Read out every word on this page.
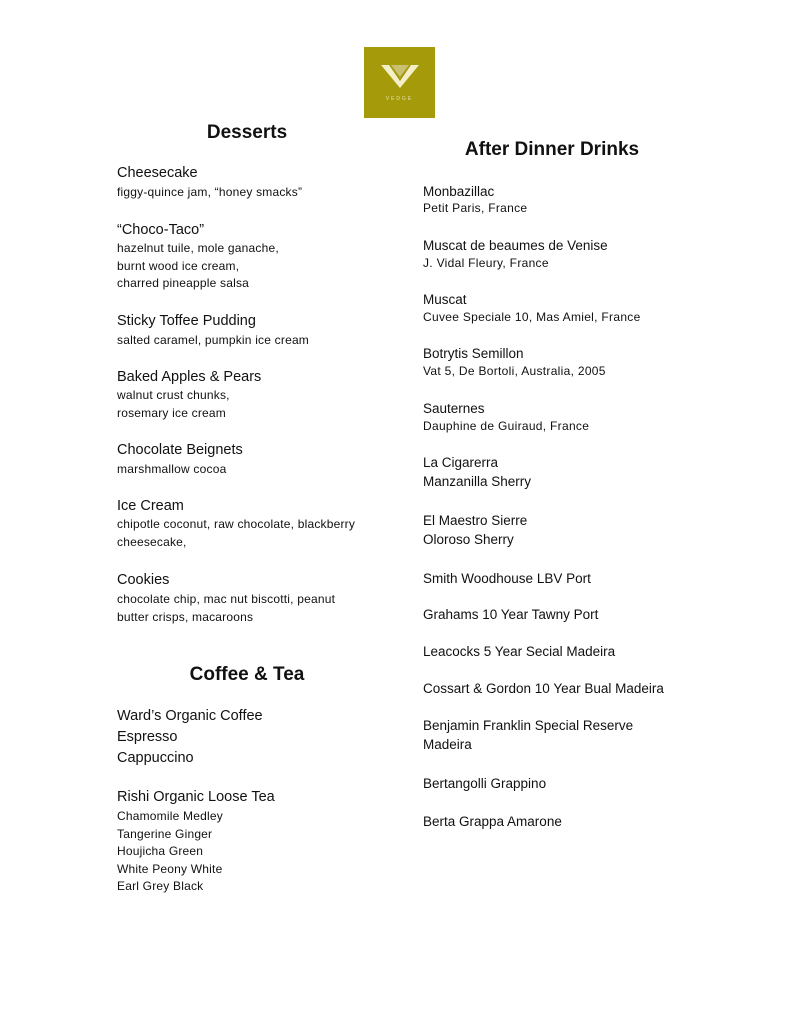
VEDGE
Desserts
Cheesecake
figgy-quince jam, “honey smacks”
“Choco-Taco”
hazelnut tuile, mole ganache,
burnt wood ice cream,
charred pineapple salsa
Sticky Toffee Pudding
salted caramel, pumpkin ice cream
Baked Apples & Pears
walnut crust chunks,
rosemary ice cream
Chocolate Beignets
marshmallow cocoa
Ice Cream
chipotle coconut, raw chocolate, blackberry
cheesecake,
Cookies
chocolate chip, mac nut biscotti, peanut
butter crisps, macaroons
Coffee & Tea
Ward’s Organic Coffee
Espresso
Cappuccino
Rishi Organic Loose Tea
Chamomile Medley
Tangerine Ginger
Houjicha Green
White Peony White
Earl Grey Black
After Dinner Drinks
Monbazillac
Petit Paris, France
Muscat de beaumes de Venise
J. Vidal Fleury, France
Muscat
Cuvee Speciale 10, Mas Amiel, France
Botrytis Semillon
Vat 5, De Bortoli, Australia, 2005
Sauternes
Dauphine de Guiraud, France
La Cigarerra
Manzanilla Sherry
El Maestro Sierre
Oloroso Sherry
Smith Woodhouse LBV Port
Grahams 10 Year Tawny Port
Leacocks 5 Year Secial Madeira
Cossart & Gordon 10 Year Bual Madeira
Benjamin Franklin Special Reserve
Madeira
Bertangolli Grappino
Berta Grappa Amarone
